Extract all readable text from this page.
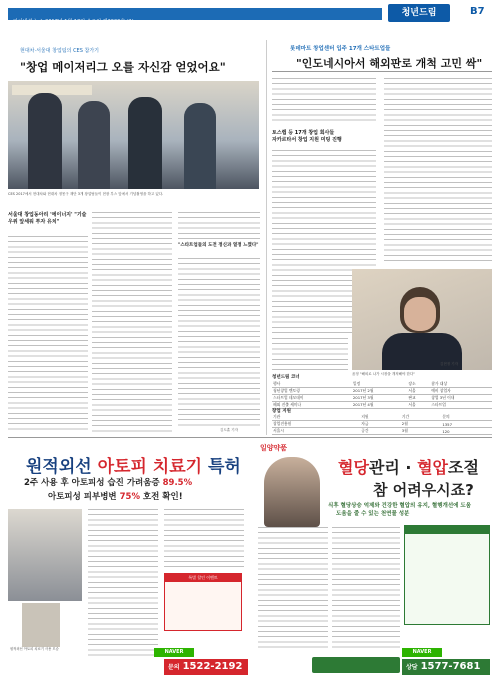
파이낸셜 뉴스 2017년 1월 18일 수요일 제2000호 (1)
청년드림	B7
현대차·서울대 창업팀의 CES 참가기
"창업 메이저리그 오를 자신감 얻었어요"
CES 2017에서 현대차와 현대차 정몽구 재단 3개 창업팀들이 현장 부스 앞에서 기념촬영을 하고 있다.
서울대 창업동아리 '에이너지' "기술 우위 앞세워 투자 유치"
"스타트업들의 도전 정신과 열정 느꼈다"
김도훈 기자
롯데마트 창업센터 입주 17개 스타트업들
"인도네시아서 해외판로 개척 고민 싹"
토스랩 등 17개 창업 회사들
자카르타서 창업 지원 미팅 진행
윤정 "해외로 나가 시장을 개척해야 한다"
김현정 기자
청년드림 코너
행사	일정	장소	참가 대상
청년창업 멘토링	2017년 2월	서울	예비 창업자
스타트업 데모데이	2017년 3월	판교	창업 3년 이내
해외 진출 세미나	2017년 4월	서울	스타트업
창업 지원
기관	지원	기간	문의
창업진흥원	자금	2월	1357
서울시	공간	3월	120
원적외선 아토피 치료기 특허
2주 사용 후 아토피성 습진 가려움증 89.5%
아토피성 피부병변 75% 호전 확인!
원적외선 아토피 치료기 사용 모습
특별 할인 이벤트
NAVER
문의 1522-2192
일양약품
혈당관리 · 혈압조절
참 어려우시죠?
식후 혈당상승 억제와 건강한 혈압의 유지, 혈행개선에 도움
도움을 줄 수 있는 천연물 성분
NAVER
상담 1577-7681
